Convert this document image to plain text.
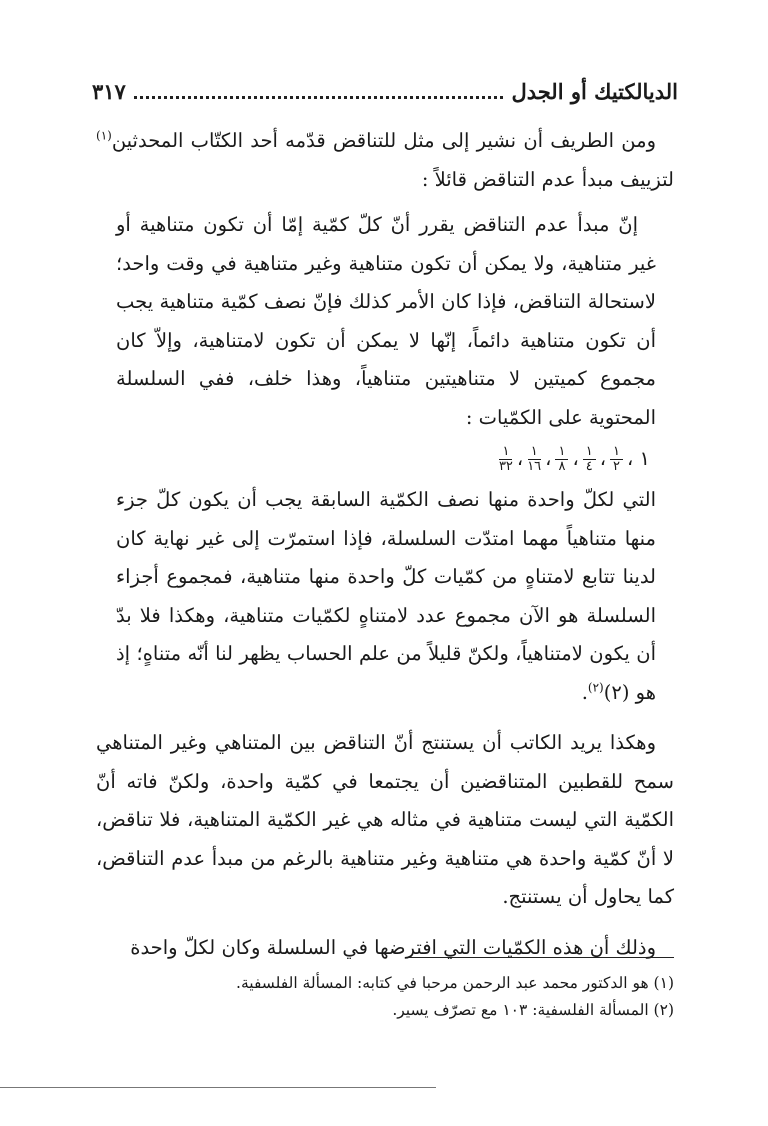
الديالكتيك أو الجدل
٣١٧

ومن الطريف أن نشير إلى مثل للتناقض قدّمه أحد الكتّاب المحدثين$^{(١)}$ لتزييف مبدأ عدم التناقض قائلاً :

إنّ مبدأ عدم التناقض يقرر أنّ كلّ كمّية إمّا أن تكون متناهية أو غير متناهية، ولا يمكن أن تكون متناهية وغير متناهية في وقت واحد؛ لاستحالة التناقض، فإذا كان الأمر كذلك فإنّ نصف كمّية متناهية يجب أن تكون متناهية دائماً، إنّها لا يمكن أن تكون لامتناهية، وإلاّ كان مجموع كميتين لا متناهيتين متناهياً، وهذا خلف، ففي السلسلة المحتوية على الكمّيات :

١ ،
$\frac{١}{٢}$
،
$\frac{١}{٤}$
،
$\frac{١}{٨}$
،
$\frac{١}{١٦}$
،
$\frac{١}{٣٢}$

التي لكلّ واحدة منها نصف الكمّية السابقة يجب أن يكون كلّ جزء منها متناهياً مهما امتدّت السلسلة، فإذا استمرّت إلى غير نهاية كان لدينا تتابع لامتناهٍ من كمّيات كلّ واحدة منها متناهية، فمجموع أجزاء السلسلة هو الآن مجموع عدد لامتناهٍ لكمّيات متناهية، وهكذا فلا بدّ أن يكون لامتناهياً، ولكنّ قليلاً من علم الحساب يظهر لنا أنّه متناهٍ؛ إذ هو (٢)$^{(٢)}$.

وهكذا يريد الكاتب أن يستنتج أنّ التناقض بين المتناهي وغير المتناهي سمح للقطبين المتناقضين أن يجتمعا في كمّية واحدة، ولكنّ فاته أنّ الكمّية التي ليست متناهية في مثاله هي غير الكمّية المتناهية، فلا تناقض، لا أنّ كمّية واحدة هي متناهية وغير متناهية بالرغم من مبدأ عدم التناقض، كما يحاول أن يستنتج.

وذلك أن هذه الكمّيات التي افترضها في السلسلة وكان لكلّ واحدة

(١) هو الدكتور محمد عبد الرحمن مرحبا في كتابه: المسألة الفلسفية.

(٢) المسألة الفلسفية: ١٠٣ مع تصرّف يسير.
